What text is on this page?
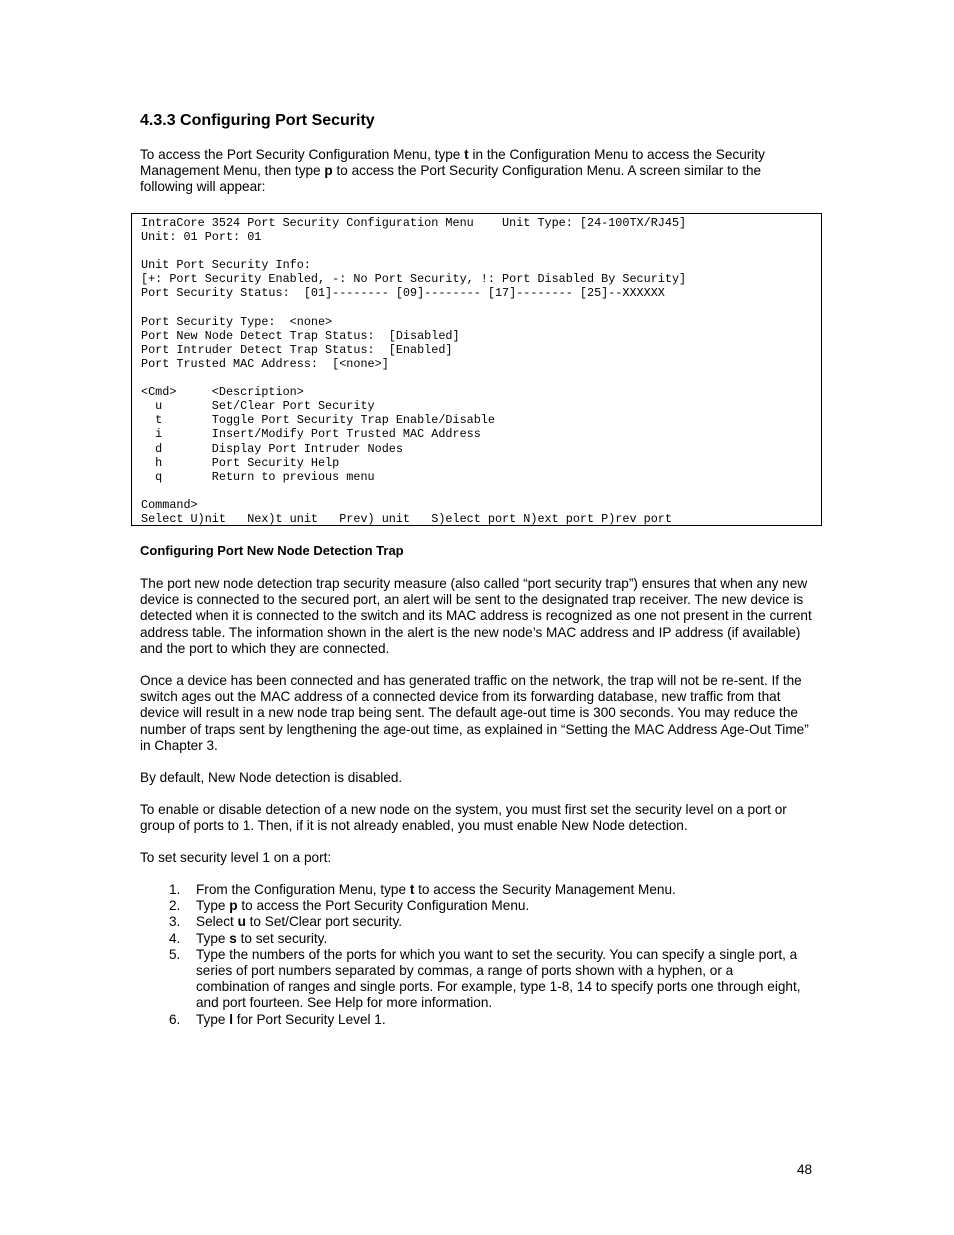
4.3.3 Configuring Port Security

To access the Port Security Configuration Menu, type t in the Configuration Menu to access the Security Management Menu, then type p to access the Port Security Configuration Menu. A screen similar to the following will appear:

IntraCore 3524 Port Security Configuration Menu    Unit Type: [24-100TX/RJ45]
Unit: 01 Port: 01
Unit Port Security Info:
[+: Port Security Enabled, -: No Port Security, !: Port Disabled By Security]
Port Security Status:  [01]-------- [09]-------- [17]-------- [25]--XXXXXX
Port Security Type:  <none>
Port New Node Detect Trap Status:  [Disabled]
Port Intruder Detect Trap Status:  [Enabled]
Port Trusted MAC Address:  [<none>]
<Cmd>     <Description>
u       Set/Clear Port Security
t       Toggle Port Security Trap Enable/Disable
i       Insert/Modify Port Trusted MAC Address
d       Display Port Intruder Nodes
h       Port Security Help
q       Return to previous menu
Command>
Select U)nit   Nex)t unit   Prev) unit   S)elect port N)ext port P)rev port
Configuring Port New Node Detection Trap

The port new node detection trap security measure (also called “port security trap”) ensures that when any new device is connected to the secured port, an alert will be sent to the designated trap receiver. The new device is detected when it is connected to the switch and its MAC address is recognized as one not present in the current address table. The information shown in the alert is the new node’s MAC address and IP address (if available) and the port to which they are connected.

Once a device has been connected and has generated traffic on the network, the trap will not be re-sent. If the switch ages out the MAC address of a connected device from its forwarding database, new traffic from that device will result in a new node trap being sent. The default age-out time is 300 seconds. You may reduce the number of traps sent by lengthening the age-out time, as explained in “Setting the MAC Address Age-Out Time” in Chapter 3.

By default, New Node detection is disabled.

To enable or disable detection of a new node on the system, you must first set the security level on a port or group of ports to 1. Then, if it is not already enabled, you must enable New Node detection.

To set security level 1 on a port:

1. From the Configuration Menu, type t to access the Security Management Menu.
2. Type p to access the Port Security Configuration Menu.
3. Select u to Set/Clear port security.
4. Type s to set security.
5. Type the numbers of the ports for which you want to set the security. You can specify a single port, a series of port numbers separated by commas, a range of ports shown with a hyphen, or a combination of ranges and single ports. For example, type 1-8, 14 to specify ports one through eight, and port fourteen. See Help for more information.
6. Type l for Port Security Level 1.
48
